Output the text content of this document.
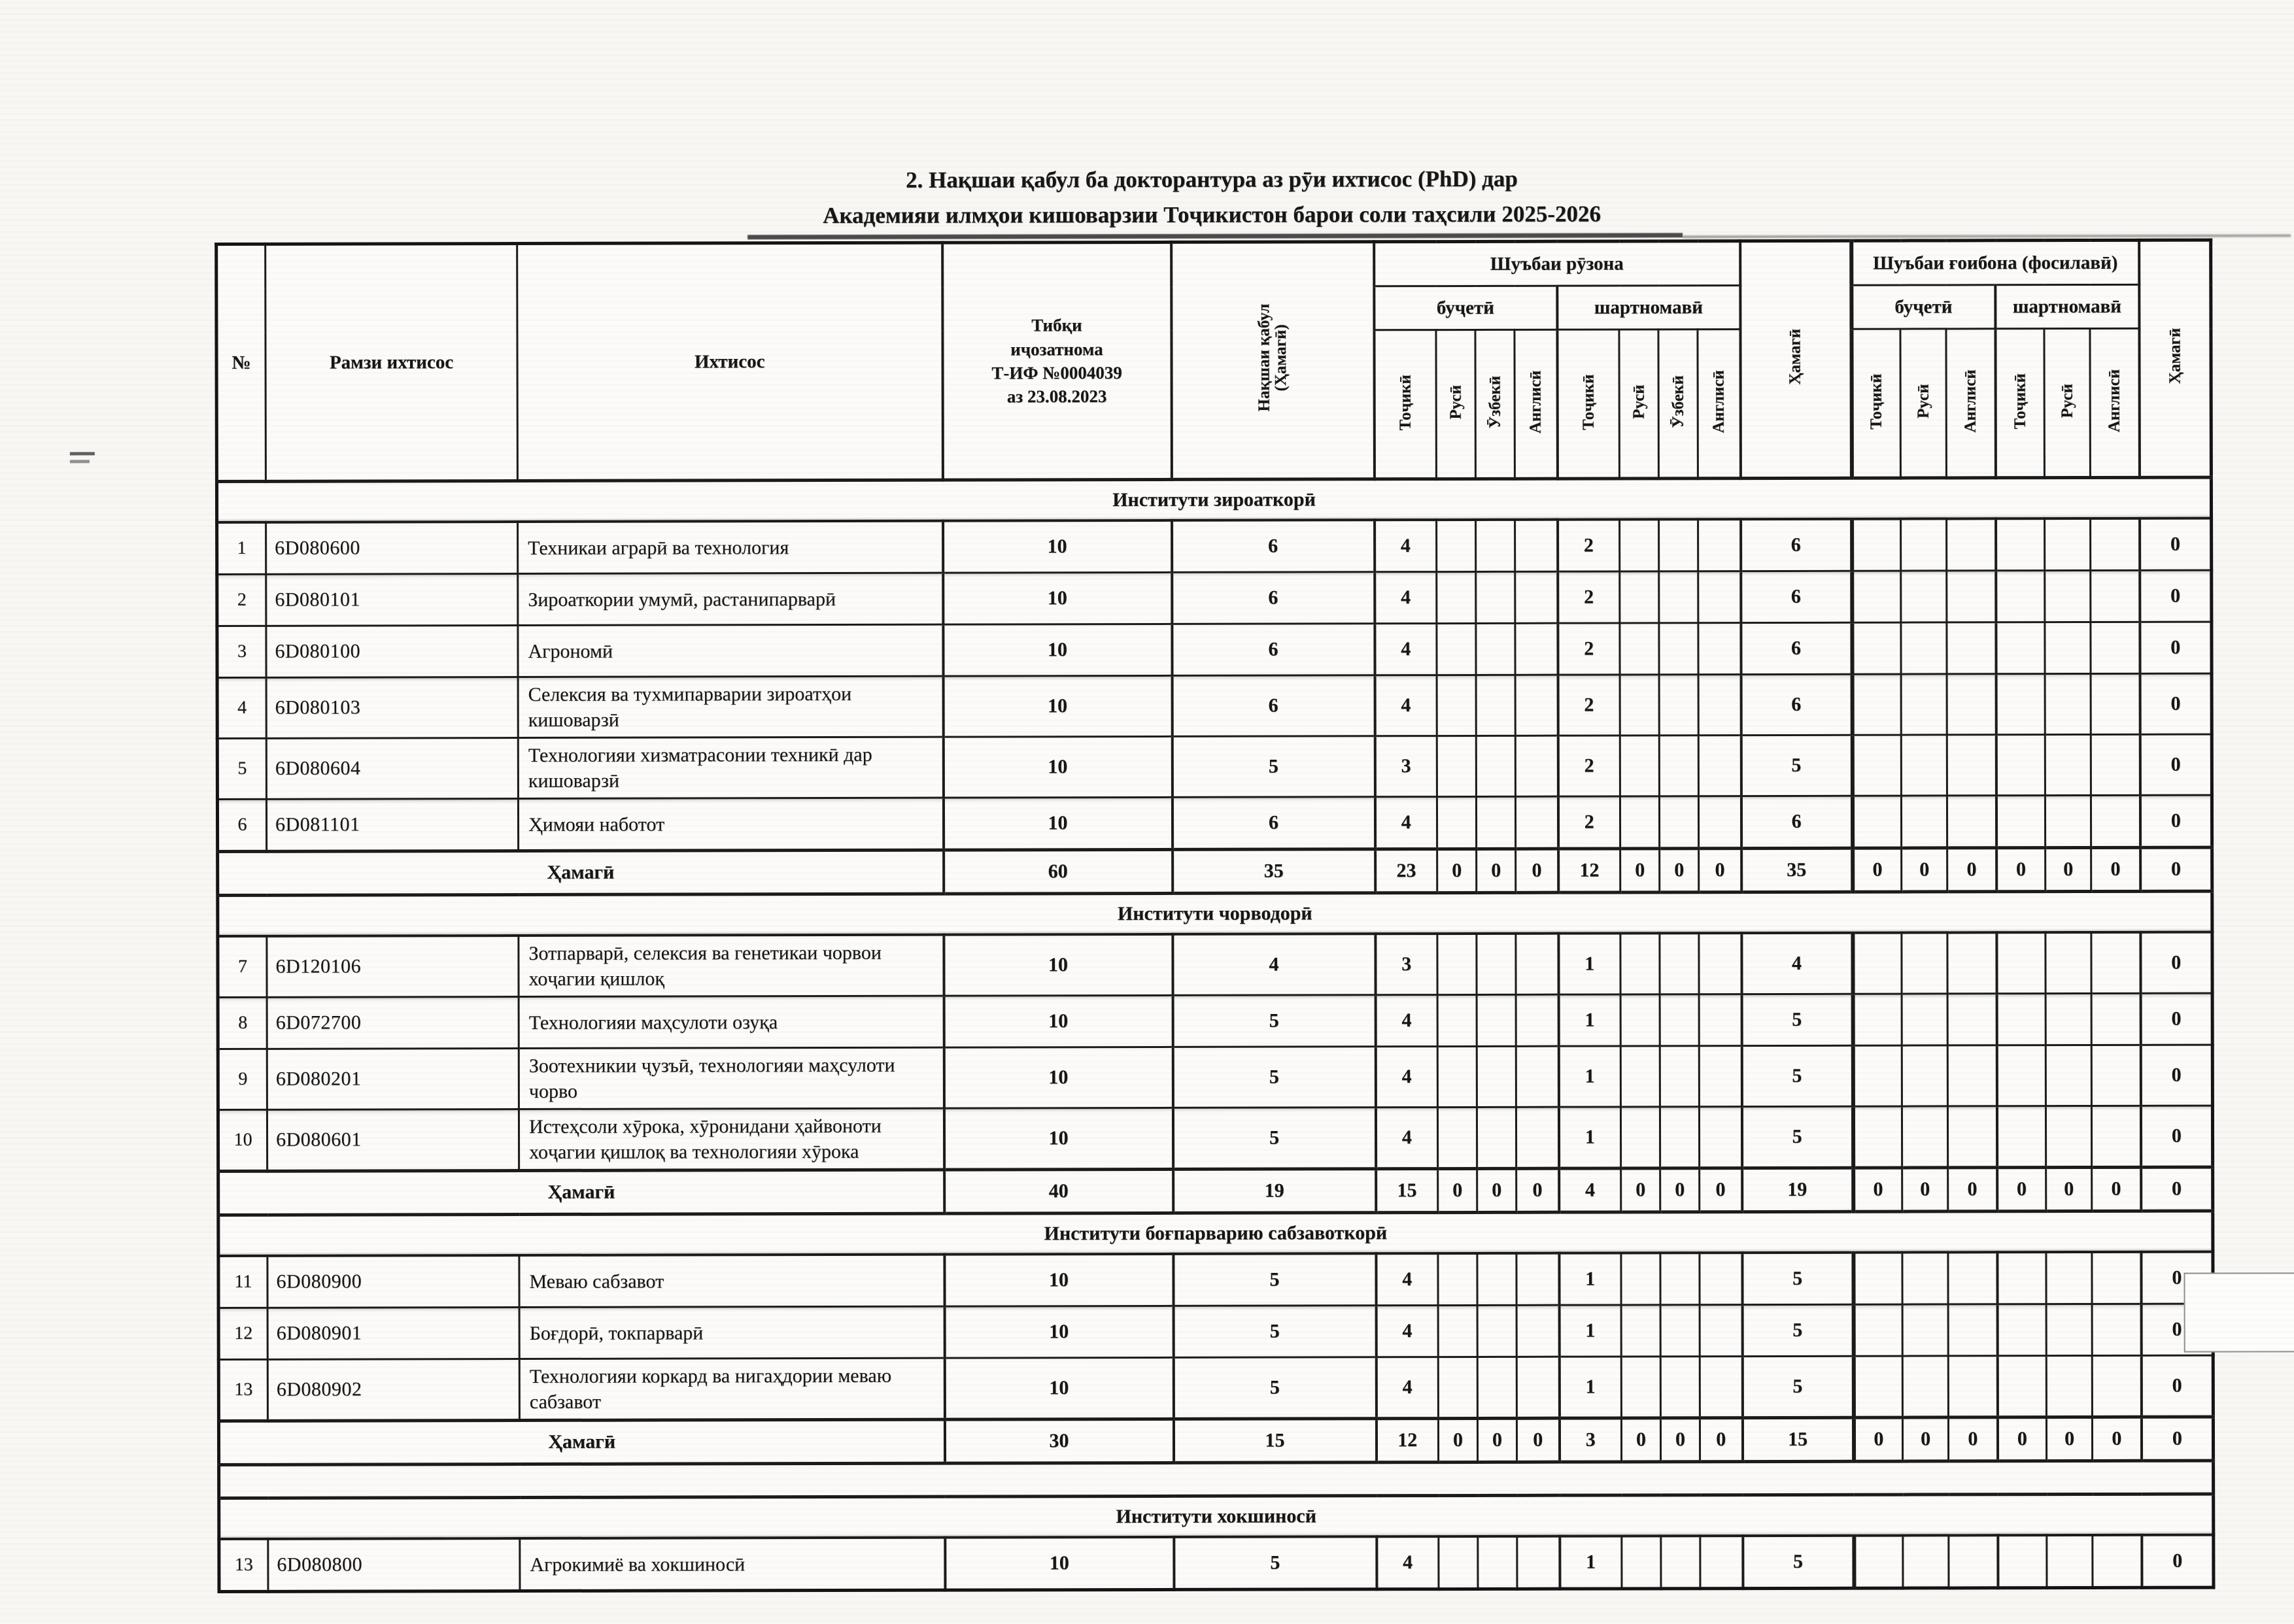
2. Нақшаи қабул ба докторантура аз рӯи ихтисос (PhD) дар
Академияи илмҳои кишоварзии Тоҷикистон барои соли таҳсили 2025-2026
№	Рамзи ихтисос	Ихтисос	Тибқи
иҷозатнома
Т-ИФ №0004039
аз 23.08.2023	Нақшаи қабул (Ҳамагӣ)	Шуъбаи рӯзона								Ҳамагӣ	Шуъбаи ғоибона (фосилавӣ)						Ҳамагӣ
					буҷетӣ				шартномавӣ					буҷетӣ			шартномавӣ			
					Тоҷикӣ	Русӣ	Ӯзбекӣ	Англисӣ	Тоҷикӣ	Русӣ	Ӯзбекӣ	Англисӣ		Тоҷикӣ	Русӣ	Англисӣ	Тоҷикӣ	Русӣ	Англисӣ	
Институти зироаткорӣ																				
1	6D080600	Техникаи аграрӣ ва технология	10	6	4				2				6							0
2	6D080101	Зироаткории умумӣ, растанипарварӣ	10	6	4				2				6							0
3	6D080100	Агрономӣ	10	6	4				2				6							0
4	6D080103	Селексия ва тухмипарварии зироатҳои кишоварзӣ	10	6	4				2				6							0
5	6D080604	Технологияи хизматрасонии техникӣ дар кишоварзӣ	10	5	3				2				5							0
6	6D081101	Ҳимояи наботот	10	6	4				2				6							0
Ҳамагӣ			60	35	23	0	0	0	12	0	0	0	35	0	0	0	0	0	0	0
Институти чорводорӣ																				
7	6D120106	Зотпарварӣ, селексия ва генетикаи чорвои хоҷагии қишлоқ	10	4	3				1				4							0
8	6D072700	Технологияи маҳсулоти озуқа	10	5	4				1				5							0
9	6D080201	Зоотехникии ҷузъӣ, технологияи маҳсулоти чорво	10	5	4				1				5							0
10	6D080601	Истеҳсоли хӯрока, хӯронидани ҳайвоноти хоҷагии қишлоқ ва технологияи хӯрока	10	5	4				1				5							0
Ҳамагӣ			40	19	15	0	0	0	4	0	0	0	19	0	0	0	0	0	0	0
Институти боғпарварию сабзавоткорӣ																				
11	6D080900	Меваю сабзавот	10	5	4				1				5							0
12	6D080901	Боғдорӣ, токпарварӣ	10	5	4				1				5							0
13	6D080902	Технологияи коркард ва нигаҳдории меваю сабзавот	10	5	4				1				5							0
Ҳамагӣ			30	15	12	0	0	0	3	0	0	0	15	0	0	0	0	0	0	0

Институти хокшиносӣ																				
13	6D080800	Агрокимиё ва хокшиносӣ	10	5	4				1				5							0
